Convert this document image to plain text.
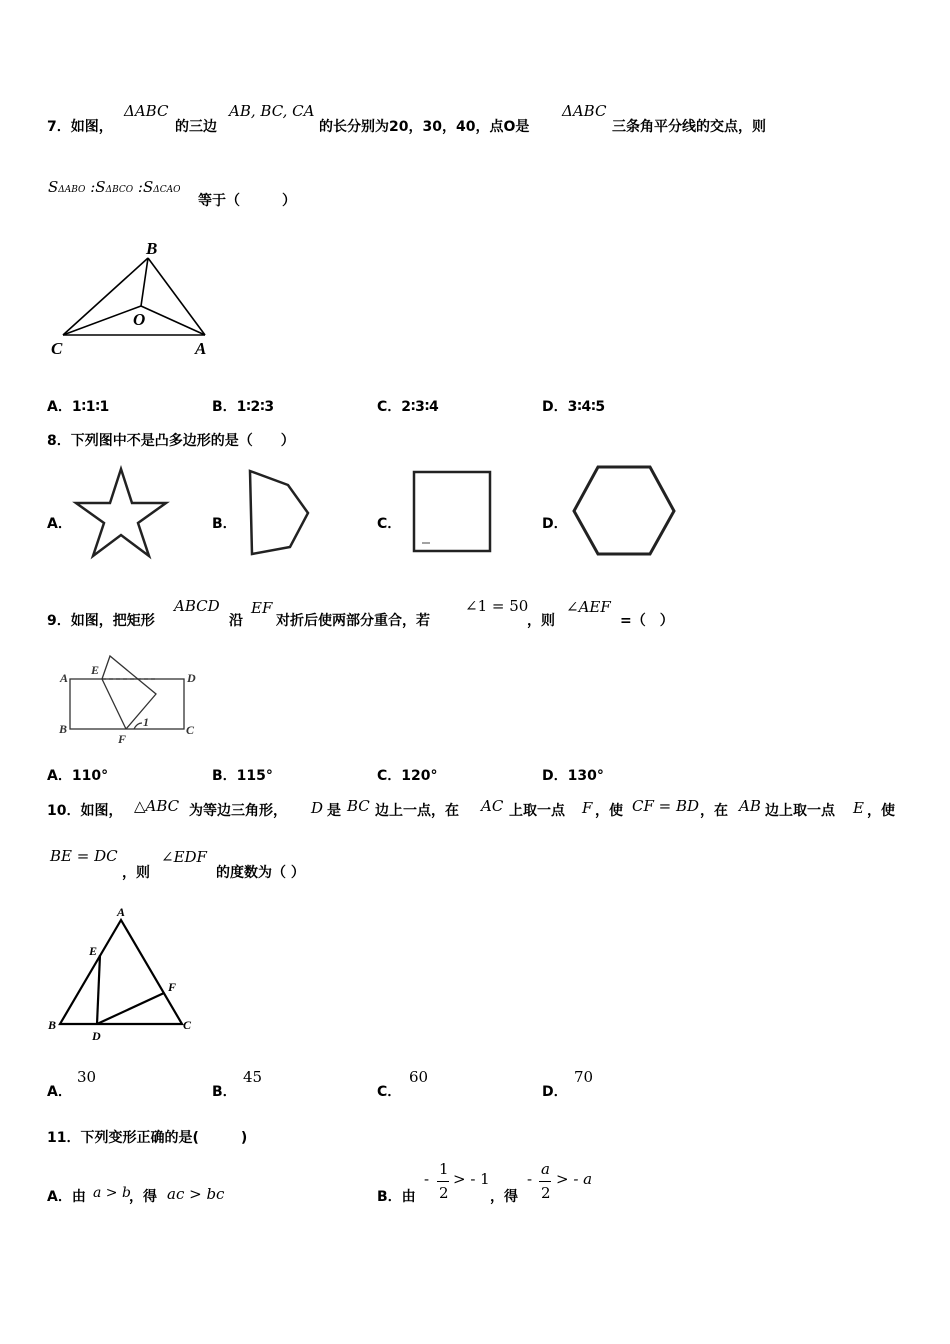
7．如图，
ΔABC
的三边
AB, BC, CA
的长分别为20，30，40，点O是
ΔABC
三条角平分线的交点，则
SΔABO :SΔBCO :SΔCAO
等于（　　　）
B
O
C	A
A．1∶1∶1	B．1∶2∶3	C．2∶3∶4	D．3∶4∶5
8．下列图中不是凸多边形的是（　　）
A．	B．	C．	D．
9．如图，把矩形
ABCD
沿
EF
对折后使两部分重合，若
∠1 = 50
，则
∠AEF
=（　）
A
E
D
B
F
C
1
A．110°	B．115°	C．120°	D．130°
10．如图， △ABC 为等边三角形， D 是 BC 边上一点，在 AC 上取一点 F ，使 CF = BD ，在 AB 边上取一点 E ，使
BE = DC
，则
∠EDF
的度数为（ ）
A
E
F
B
D
C
A．
30
B．
45
C．
60
D．
70
11．下列变形正确的是(　　　)
A．由 a > b
，得 ac > bc	B．由
-
1
2
> - 1
，得
-
a
2
> - a
